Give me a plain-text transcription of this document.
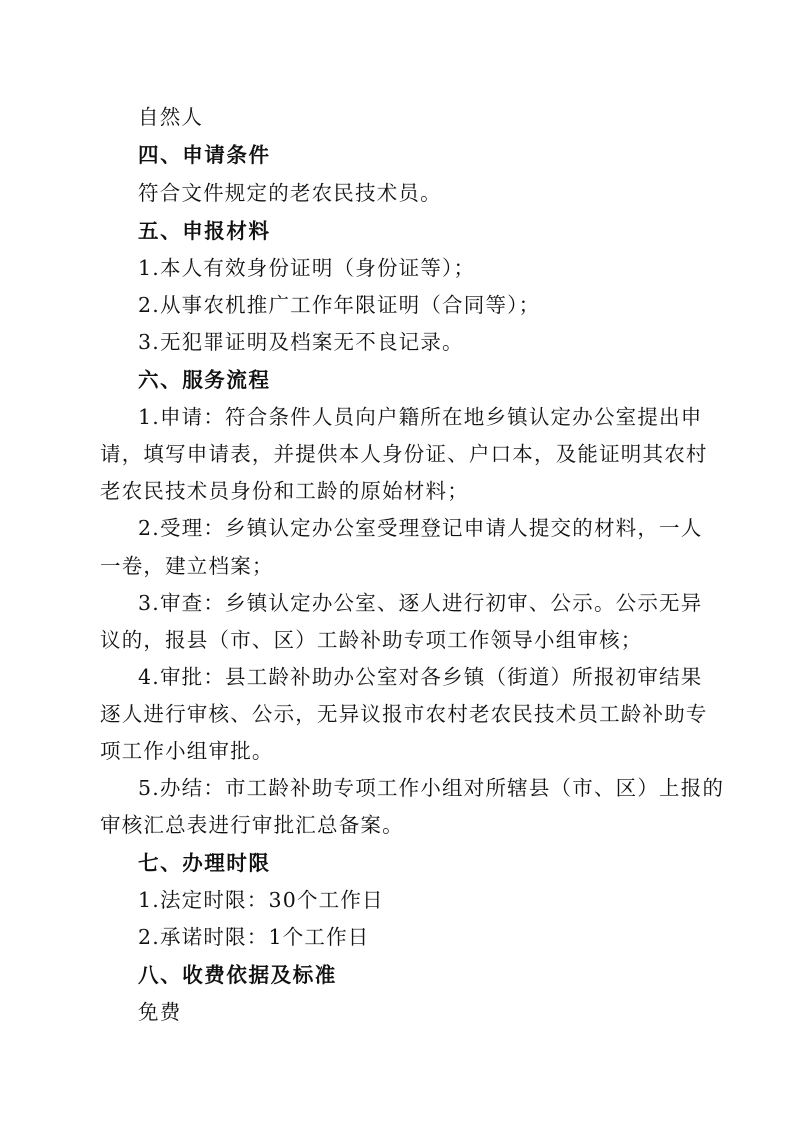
自然人
四、申请条件
符合文件规定的老农民技术员。
五、申报材料
1.本人有效身份证明（身份证等）；
2.从事农机推广工作年限证明（合同等）；
3.无犯罪证明及档案无不良记录。
六、服务流程
1.申请：符合条件人员向户籍所在地乡镇认定办公室提出申
请，填写申请表，并提供本人身份证、户口本，及能证明其农村
老农民技术员身份和工龄的原始材料；
2.受理：乡镇认定办公室受理登记申请人提交的材料，一人
一卷，建立档案；
3.审查：乡镇认定办公室、逐人进行初审、公示。公示无异
议的，报县（市、区）工龄补助专项工作领导小组审核；
4.审批：县工龄补助办公室对各乡镇（街道）所报初审结果
逐人进行审核、公示，无异议报市农村老农民技术员工龄补助专
项工作小组审批。
5.办结：市工龄补助专项工作小组对所辖县（市、区）上报的
审核汇总表进行审批汇总备案。
七、办理时限
1.法定时限：30个工作日
2.承诺时限：1个工作日
八、收费依据及标准
免费
